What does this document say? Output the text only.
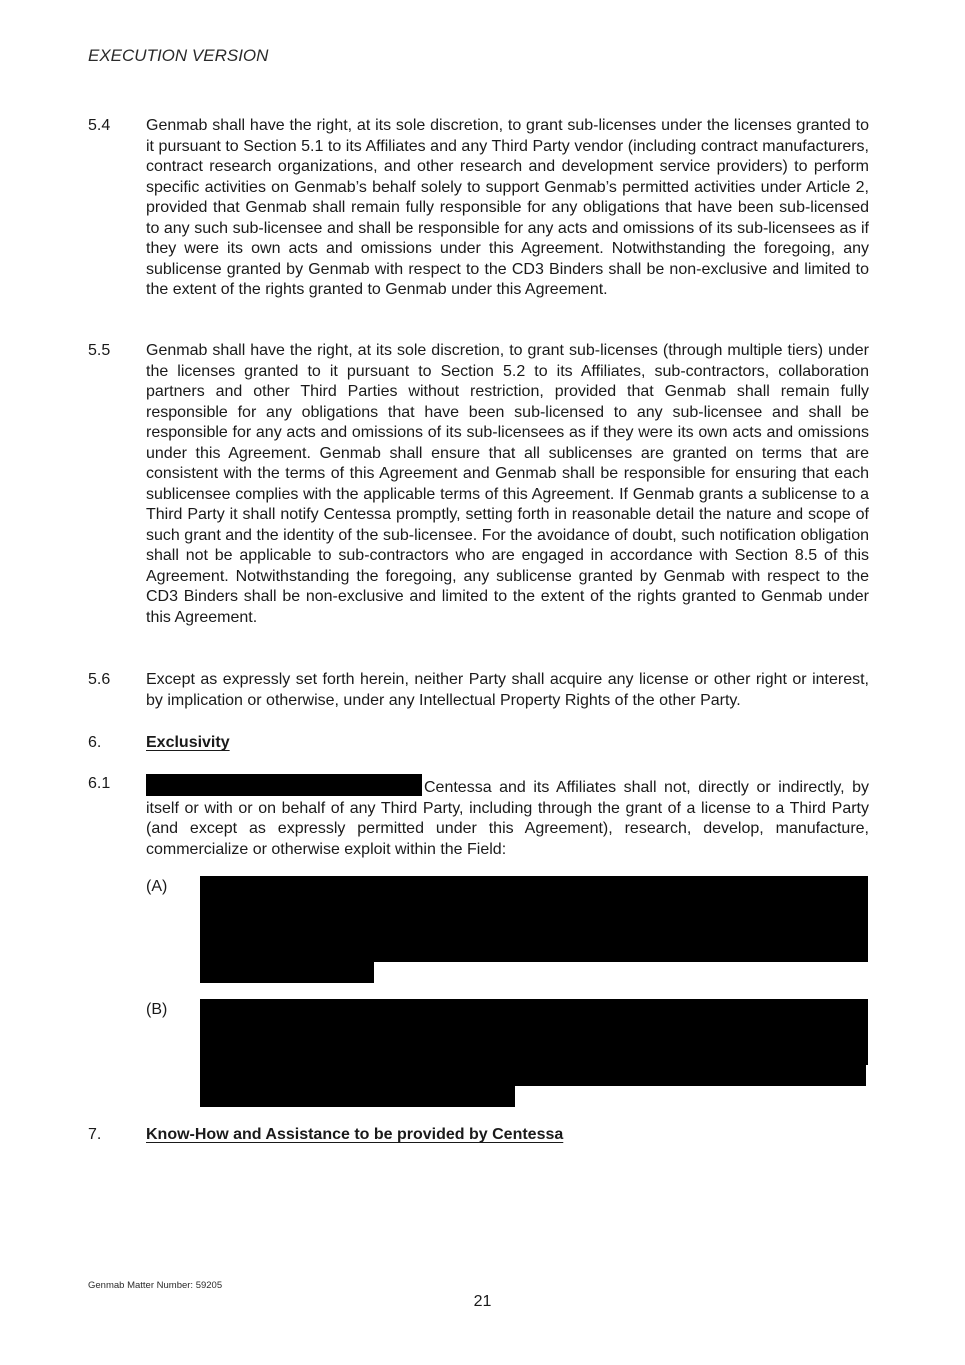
EXECUTION VERSION
5.4 Genmab shall have the right, at its sole discretion, to grant sub-licenses under the licenses granted to it pursuant to Section 5.1 to its Affiliates and any Third Party vendor (including contract manufacturers, contract research organizations, and other research and development service providers) to perform specific activities on Genmab’s behalf solely to support Genmab’s permitted activities under Article 2, provided that Genmab shall remain fully responsible for any obligations that have been sub-licensed to any such sub-licensee and shall be responsible for any acts and omissions of its sub-licensees as if they were its own acts and omissions under this Agreement. Notwithstanding the foregoing, any sublicense granted by Genmab with respect to the CD3 Binders shall be non-exclusive and limited to the extent of the rights granted to Genmab under this Agreement.
5.5 Genmab shall have the right, at its sole discretion, to grant sub-licenses (through multiple tiers) under the licenses granted to it pursuant to Section 5.2 to its Affiliates, sub-contractors, collaboration partners and other Third Parties without restriction, provided that Genmab shall remain fully responsible for any obligations that have been sub-licensed to any sub-licensee and shall be responsible for any acts and omissions of its sub-licensees as if they were its own acts and omissions under this Agreement. Genmab shall ensure that all sublicenses are granted on terms that are consistent with the terms of this Agreement and Genmab shall be responsible for ensuring that each sublicensee complies with the applicable terms of this Agreement. If Genmab grants a sublicense to a Third Party it shall notify Centessa promptly, setting forth in reasonable detail the nature and scope of such grant and the identity of the sub-licensee. For the avoidance of doubt, such notification obligation shall not be applicable to sub-contractors who are engaged in accordance with Section 8.5 of this Agreement. Notwithstanding the foregoing, any sublicense granted by Genmab with respect to the CD3 Binders shall be non-exclusive and limited to the extent of the rights granted to Genmab under this Agreement.
5.6 Except as expressly set forth herein, neither Party shall acquire any license or other right or interest, by implication or otherwise, under any Intellectual Property Rights of the other Party.
6.	Exclusivity
6.1	Centessa and its Affiliates shall not, directly or indirectly, by itself or with or on behalf of any Third Party, including through the grant of a license to a Third Party (and except as expressly permitted under this Agreement), research, develop, manufacture, commercialize or otherwise exploit within the Field:
(A)
(B)
7.	Know-How and Assistance to be provided by Centessa
Genmab Matter Number: 59205
21
